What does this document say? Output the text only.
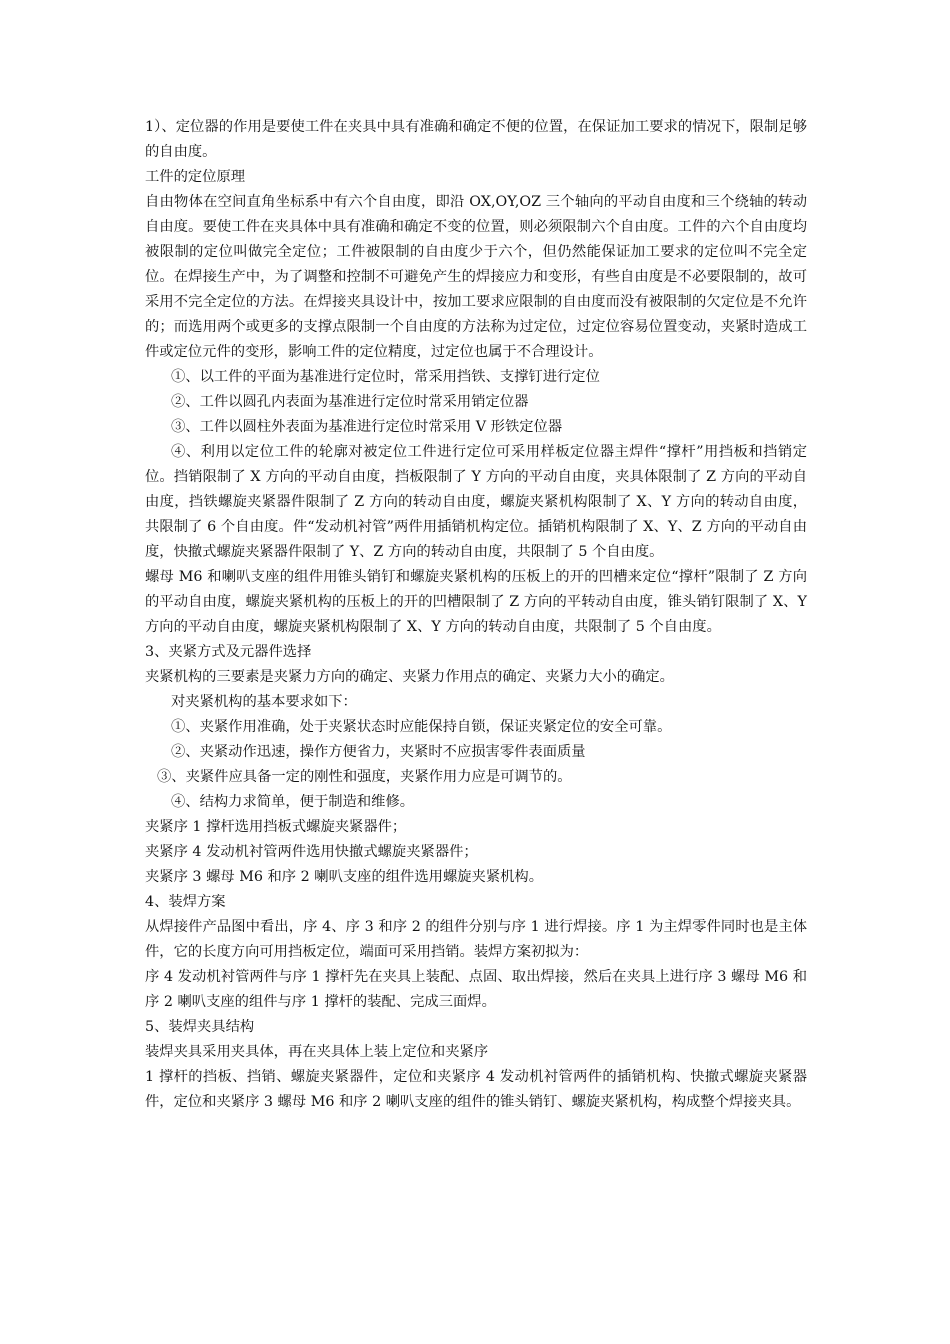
1）、定位器的作用是要使工件在夹具中具有准确和确定不便的位置，在保证加工要求的情况下，限制足够的自由度。

工件的定位原理

自由物体在空间直角坐标系中有六个自由度，即沿 OX,OY,OZ 三个轴向的平动自由度和三个绕轴的转动自由度。要使工件在夹具体中具有准确和确定不变的位置，则必须限制六个自由度。工件的六个自由度均被限制的定位叫做完全定位；工件被限制的自由度少于六个，但仍然能保证加工要求的定位叫不完全定位。在焊接生产中，为了调整和控制不可避免产生的焊接应力和变形，有些自由度是不必要限制的，故可采用不完全定位的方法。在焊接夹具设计中，按加工要求应限制的自由度而没有被限制的欠定位是不允许的；而选用两个或更多的支撑点限制一个自由度的方法称为过定位，过定位容易位置变动，夹紧时造成工件或定位元件的变形，影响工件的定位精度，过定位也属于不合理设计。

①、以工件的平面为基准进行定位时，常采用挡铁、支撑钉进行定位

②、工件以圆孔内表面为基准进行定位时常采用销定位器

③、工件以圆柱外表面为基准进行定位时常采用 V 形铁定位器

④、利用以定位工件的轮廓对被定位工件进行定位可采用样板定位器主焊件“撑杆”用挡板和挡销定位。挡销限制了 X 方向的平动自由度，挡板限制了 Y 方向的平动自由度，夹具体限制了 Z 方向的平动自由度，挡铁螺旋夹紧器件限制了 Z 方向的转动自由度，螺旋夹紧机构限制了 X、Y 方向的转动自由度，共限制了 6 个自由度。件“发动机衬管”两件用插销机构定位。插销机构限制了 X、Y、Z 方向的平动自由度，快撤式螺旋夹紧器件限制了 Y、Z 方向的转动自由度，共限制了 5 个自由度。

螺母 M6 和喇叭支座的组件用锥头销钉和螺旋夹紧机构的压板上的开的凹槽来定位“撑杆”限制了 Z 方向的平动自由度，螺旋夹紧机构的压板上的开的凹槽限制了 Z 方向的平转动自由度，锥头销钉限制了 X、Y 方向的平动自由度，螺旋夹紧机构限制了 X、Y 方向的转动自由度，共限制了 5 个自由度。

3、夹紧方式及元器件选择

夹紧机构的三要素是夹紧力方向的确定、夹紧力作用点的确定、夹紧力大小的确定。

对夹紧机构的基本要求如下：

①、夹紧作用准确，处于夹紧状态时应能保持自锁，保证夹紧定位的安全可靠。

②、夹紧动作迅速，操作方便省力，夹紧时不应损害零件表面质量

③、夹紧件应具备一定的刚性和强度，夹紧作用力应是可调节的。

④、结构力求简单，便于制造和维修。

夹紧序 1 撑杆选用挡板式螺旋夹紧器件；

夹紧序 4 发动机衬管两件选用快撤式螺旋夹紧器件；

夹紧序 3 螺母 M6 和序 2 喇叭支座的组件选用螺旋夹紧机构。

4、装焊方案

从焊接件产品图中看出，序 4、序 3 和序 2 的组件分别与序 1 进行焊接。序 1 为主焊零件同时也是主体件，它的长度方向可用挡板定位，端面可采用挡销。装焊方案初拟为：

序 4 发动机衬管两件与序 1 撑杆先在夹具上装配、点固、取出焊接，然后在夹具上进行序 3 螺母 M6 和序 2 喇叭支座的组件与序 1 撑杆的装配、完成三面焊。

5、装焊夹具结构

装焊夹具采用夹具体，再在夹具体上装上定位和夹紧序

1 撑杆的挡板、挡销、螺旋夹紧器件，定位和夹紧序 4 发动机衬管两件的插销机构、快撤式螺旋夹紧器件，定位和夹紧序 3 螺母 M6 和序 2 喇叭支座的组件的锥头销钉、螺旋夹紧机构，构成整个焊接夹具。
